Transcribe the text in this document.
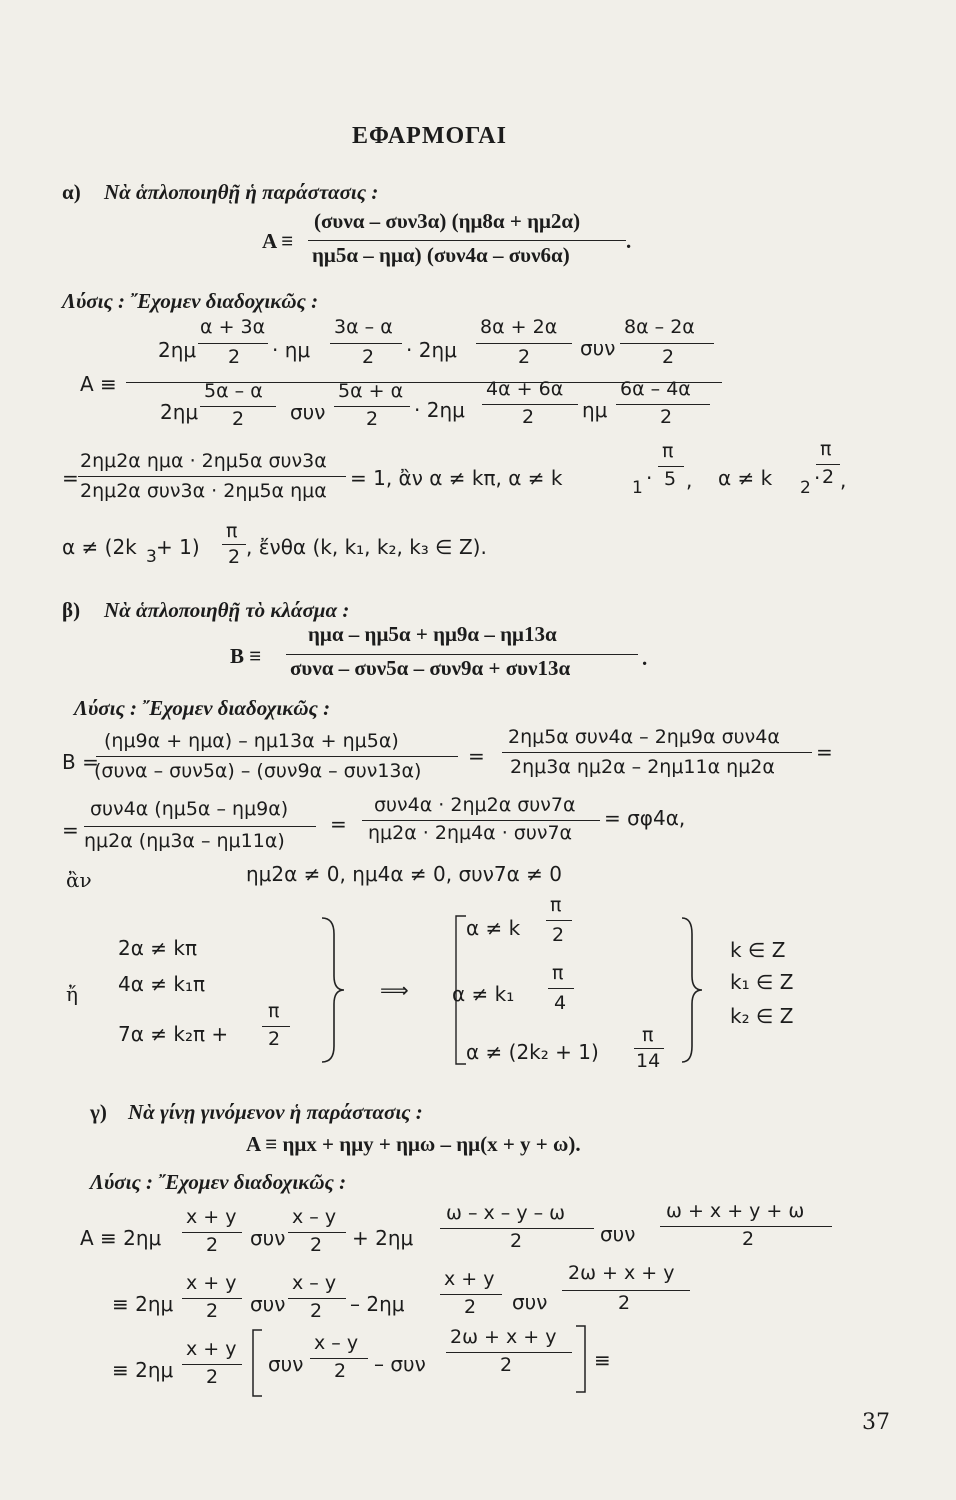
ΕΦΑΡΜΟΓΑΙ
α) Νὰ ἁπλοποιηθῇ ἡ παράστασις :
A ≡
(συνα – συν3α) (ημ8α + ημ2α)
ημ5α – ημα) (συν4α – συν6α)
.
Λύσις : ῎Εχομεν διαδοχικῶς :
A ≡
2ημ
α + 3α
2 · ημ
3α – α
2 · 2ημ
8α + 2α
2 συν
8α – 2α
2
2ημ
5α – α
2 συν
5α + α
2 · 2ημ
4α + 6α
2 ημ
6α – 4α
2
=
2ημ2α ημα · 2ημ5α συν3α
2ημ2α συν3α · 2ημ5α ημα
= 1, ἂν α ≠ kπ, α ≠ k	1 ·
π
5 , α ≠ k 2 ·
π
2 ,
α ≠ (2k 3 + 1)
π
2 , ἔνθα (k, k₁, k₂, k₃ ∈ Z).
β) Νὰ ἁπλοποιηθῇ τὸ κλάσμα :
B ≡
ημα – ημ5α + ημ9α – ημ13α
συνα – συν5α – συν9α + συν13α	.
Λύσις : ῎Εχομεν διαδοχικῶς :
B =
(ημ9α + ημα) – ημ13α + ημ5α)
(συνα – συν5α) – (συν9α – συν13α)
=
2ημ5α συν4α – 2ημ9α συν4α
2ημ3α ημ2α – 2ημ11α ημ2α
=
=
συν4α (ημ5α – ημ9α)
ημ2α (ημ3α – ημ11α)
=
συν4α · 2ημ2α συν7α
ημ2α · 2ημ4α · συν7α
= σφ4α,
ἂν	ημ2α ≠ 0, ημ4α ≠ 0, συν7α ≠ 0
2α ≠ kπ
4α ≠ k₁π
7α ≠ k₂π +
π
2
ἤ	⟹
α ≠ k
π
2
α ≠ k₁
π
4
α ≠ (2k₂ + 1)
π
14
k ∈ Z
k₁ ∈ Z
k₂ ∈ Z
γ) Νὰ γίνῃ γινόμενον ἡ παράστασις :
A ≡ ημx + ημy + ημω – ημ(x + y + ω).
Λύσις : ῎Εχομεν διαδοχικῶς :
A ≡ 2ημ
x + y
2 συν
x – y
2 + 2ημ
ω – x – y – ω
2	συν
ω + x + y + ω
2
≡ 2ημ
x + y
2 συν
x – y
2 – 2ημ
x + y
2 συν
2ω + x + y
2
≡ 2ημ
x + y
2
συν
x – y
2 – συν
2ω + x + y
2	≡
37
